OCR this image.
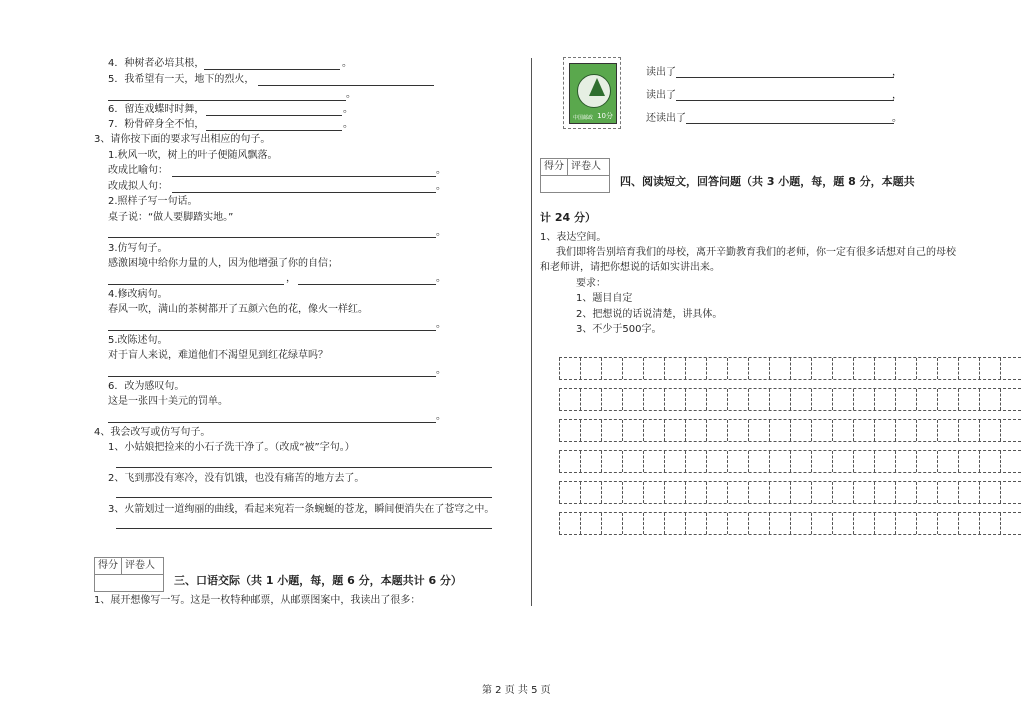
4．种树者必培其根，	。
5．我希望有一天，地下的烈火，
。
6．留连戏蝶时时舞，	。
7．粉骨碎身全不怕，	。
3、请你按下面的要求写出相应的句子。
1.秋风一吹，树上的叶子便随风飘落。
改成比喻句：	。
改成拟人句：	。
2.照样子写一句话。
桌子说：“做人要脚踏实地。”
。
3.仿写句子。
感激困境中给你力量的人，因为他增强了你的自信；
，	。
4.修改病句。
春风一吹，满山的茶树都开了五颜六色的花，像火一样红。
。
5.改陈述句。
对于盲人来说，难道他们不渴望见到红花绿草吗？
。
6．改为感叹句。
这是一张四十美元的罚单。
。
4、我会改写或仿写句子。
1、小姑娘把捡来的小石子洗干净了。（改成“被”字句。）
2、飞到那没有寒冷，没有饥饿，也没有痛苦的地方去了。
3、火箭划过一道绚丽的曲线，看起来宛若一条蜿蜒的苍龙，瞬间便消失在了苍穹之中。
得分 评卷人
三、口语交际（共 1 小题，每，题 6 分，本题共计 6 分）
1、展开想像写一写。这是一枚特种邮票，从邮票图案中，我读出了很多：
中国邮政 10分
读出了	，
读出了	，
还读出了	。
得分 评卷人
四、阅读短文，回答问题（共 3 小题，每，题 8 分，本题共
计 24 分）
1、表达空间。
我们即将告别培育我们的母校，离开辛勤教育我们的老师，你一定有很多话想对自己的母校
和老师讲，请把你想说的话如实讲出来。
要求：
1、题目自定
2、把想说的话说清楚，讲具体。
3、不少于500字。
第 2 页 共 5 页
